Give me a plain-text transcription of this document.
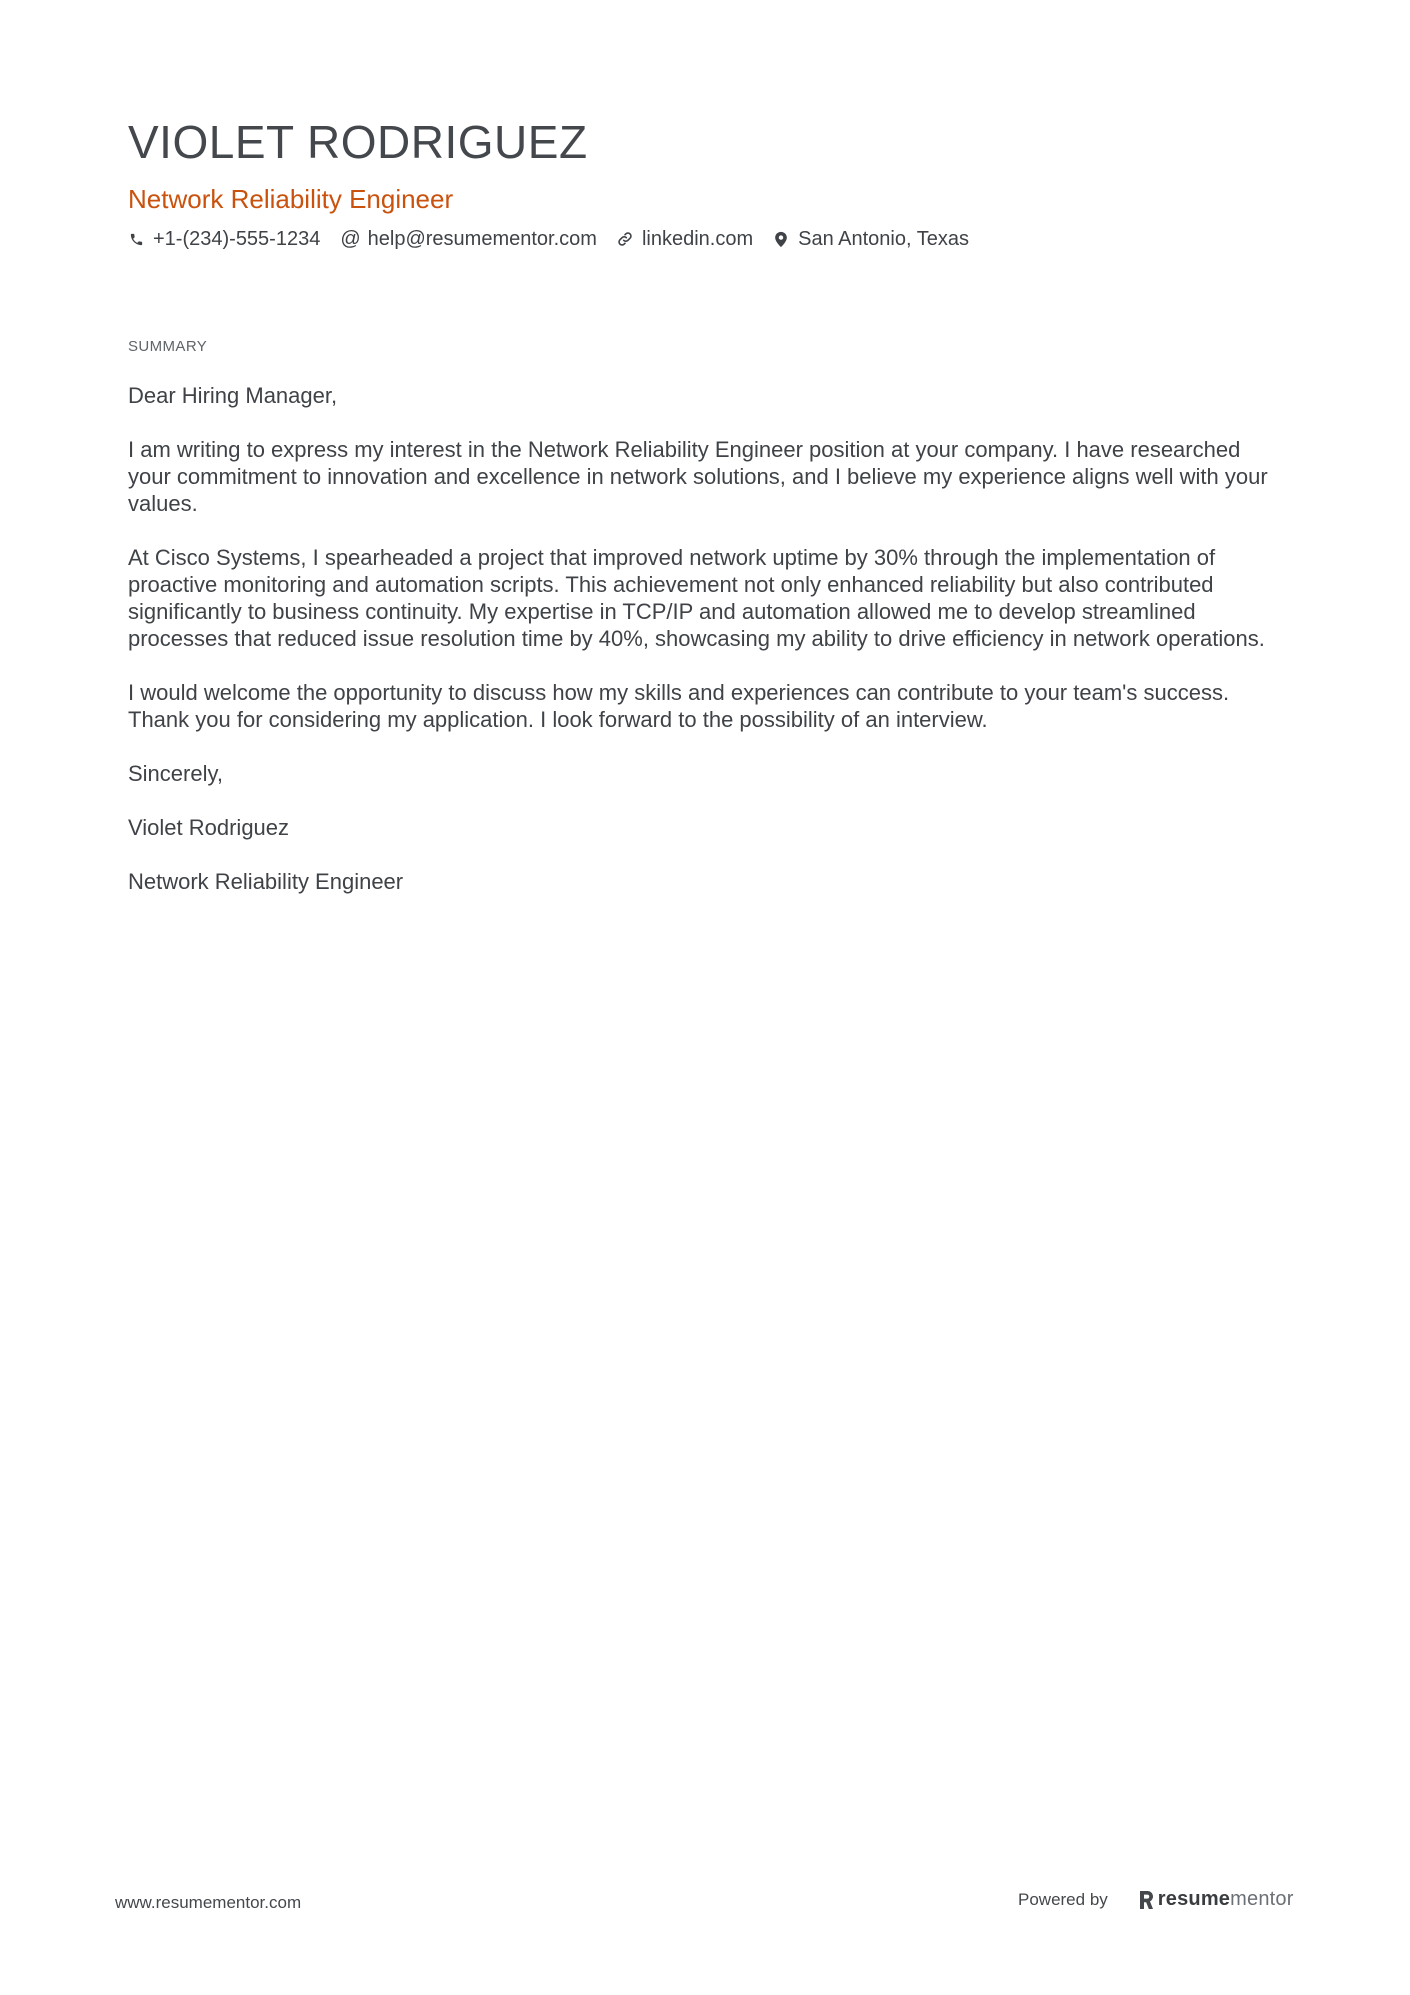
VIOLET RODRIGUEZ
Network Reliability Engineer
+1-(234)-555-1234 @ help@resumementor.com linkedin.com San Antonio, Texas
SUMMARY

Dear Hiring Manager,

I am writing to express my interest in the Network Reliability Engineer position at your company. I have researched your commitment to innovation and excellence in network solutions, and I believe my experience aligns well with your values.

At Cisco Systems, I spearheaded a project that improved network uptime by 30% through the implementation of proactive monitoring and automation scripts. This achievement not only enhanced reliability but also contributed significantly to business continuity. My expertise in TCP/IP and automation allowed me to develop streamlined processes that reduced issue resolution time by 40%, showcasing my ability to drive efficiency in network operations.

I would welcome the opportunity to discuss how my skills and experiences can contribute to your team's success. Thank you for considering my application. I look forward to the possibility of an interview.

Sincerely,

Violet Rodriguez

Network Reliability Engineer

www.resumementor.com	Powered by	resumementor
